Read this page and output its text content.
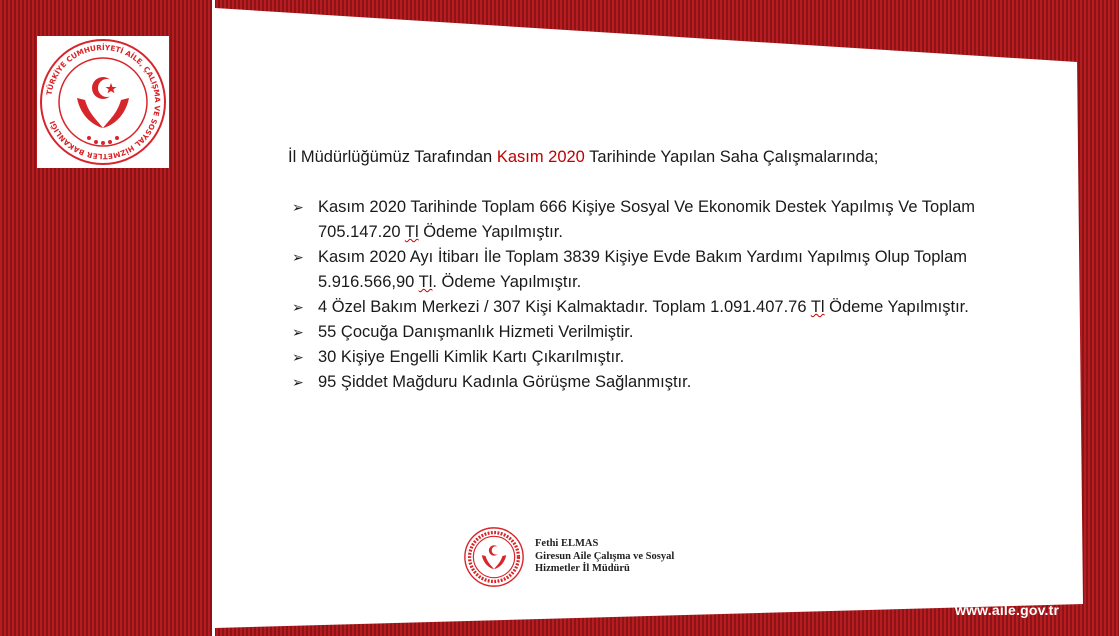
TÜRKİYE CUMHURİYETİ AİLE, ÇALIŞMA VE SOSYAL HİZMETLER BAKANLIĞI

İl Müdürlüğümüz Tarafından Kasım 2020 Tarihinde Yapılan Saha Çalışmalarında;

➢ Kasım 2020 Tarihinde Toplam 666 Kişiye Sosyal Ve Ekonomik Destek Yapılmış Ve Toplam 705.147.20 Tl Ödeme Yapılmıştır.
➢ Kasım 2020 Ayı İtibarı İle Toplam 3839 Kişiye Evde Bakım Yardımı Yapılmış Olup Toplam 5.916.566,90 Tl. Ödeme Yapılmıştır.
➢ 4 Özel Bakım Merkezi / 307 Kişi Kalmaktadır. Toplam 1.091.407.76 Tl Ödeme Yapılmıştır.
➢ 55 Çocuğa Danışmanlık Hizmeti Verilmiştir.
➢ 30 Kişiye Engelli Kimlik Kartı Çıkarılmıştır.
➢ 95 Şiddet Mağduru Kadınla Görüşme Sağlanmıştır.
Fethi ELMAS
Giresun Aile Çalışma ve Sosyal
Hizmetler İl Müdürü
www.aile.gov.tr
